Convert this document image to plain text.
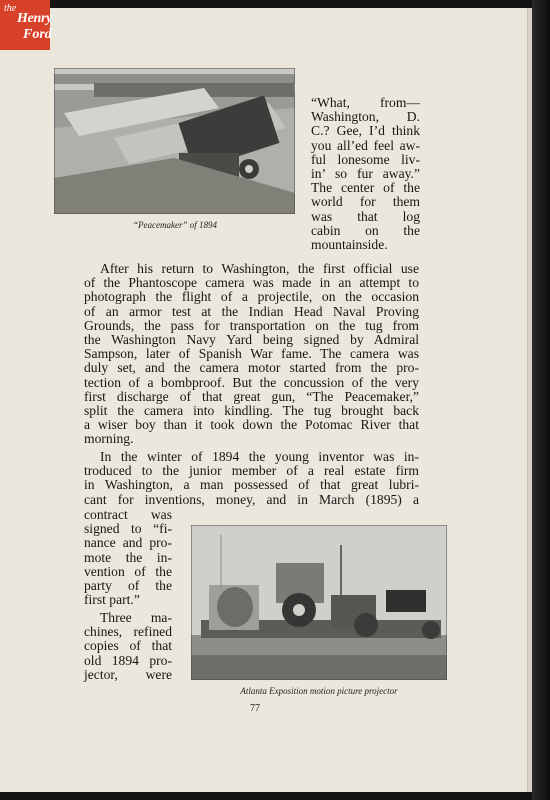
the
Henry
Ford
“Peacemaker” of 1894
“What, from—
Washington, D.
C.? Gee, I’d think
you all’ed feel aw-
ful lonesome liv-
in’ so fur away.”
The center of the
world for them
was that log
cabin on the
mountainside.
After his return to Washington, the first official use
of the Phantoscope camera was made in an attempt to
photograph the flight of a projectile, on the occasion
of an armor test at the Indian Head Naval Proving
Grounds, the pass for transportation on the tug from
the Washington Navy Yard being signed by Admiral
Sampson, later of Spanish War fame. The camera was
duly set, and the camera motor started from the pro-
tection of a bombproof. But the concussion of the very
first discharge of that great gun, “The Peacemaker,”
split the camera into kindling. The tug brought back
a wiser boy than it took down the Potomac River that
morning.
In the winter of 1894 the young inventor was in-
troduced to the junior member of a real estate firm
in Washington, a man possessed of that great lubri-
cant for inventions, money, and in March (1895) a
contract was
signed to “fi-
nance and pro-
mote the in-
vention of the
party of the
first part.”
Three ma-
chines, refined
copies of that
old 1894 pro-
jector, were
Atlanta Exposition motion picture projector
77
